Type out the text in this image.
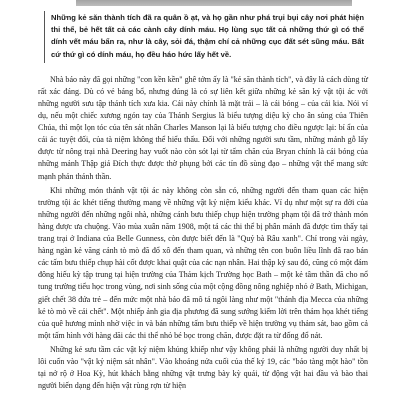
Những kẻ săn thành tích đã ra quân ồ ạt, và họ gần như phá trụi bụi cây nơi phát hiện thi thể, bẻ hết tất cả các cành cây dính máu. Họ lùng sục tất cả những thứ gì có thể dính vết máu bẩn ra, như là cây, sỏi đá, thậm chí cả những cục đất sét sũng máu. Bất cứ thứ gì có dính máu, họ đều háo hức lấy hết về.

Nhà báo này đã gọi những "con kền kền" ghê tởm ấy là "kẻ săn thành tích", và đây là cách dùng từ rất xác đáng. Dù có vẻ báng bổ, nhưng đúng là có sự liên kết giữa những kẻ săn kỷ vật tội ác với những người sưu tập thánh tích xưa kia. Cái này chính là mặt trái – là cái bóng – của cái kia. Nói ví dụ, nếu một chiếc xương ngón tay của Thánh Sergius là biểu tượng diệu kỳ cho ân sủng của Thiên Chúa, thì một lọn tóc của tên sát nhân Charles Manson lại là biểu tượng cho điều ngược lại: bí ẩn của cái ác tuyệt đối, của tà niệm không thể hiểu thấu. Đối với những người sưu tầm, những mảnh gỗ lấy được từ nông trại nhà Deering hay vuốt nào còn sót lại từ tấm chăn của Bryan chính là cái bóng của những mảnh Thập giá Đích thực được thờ phụng bởi các tín đồ sùng đạo – những vật thể mang sức mạnh phản thánh thần.

Khi những món thánh vật tội ác này không còn sẵn có, những người đến tham quan các hiện trường tội ác khét tiếng thường mang về những vật kỷ niệm kiểu khác. Ví dụ như một sự ra đời của những người đến những ngôi nhà, những cánh bưu thiếp chụp hiện trường phạm tội đã trở thành món hàng được ưa chuộng. Vào mùa xuân năm 1908, một tá các thi thể bị phân mảnh đã được tìm thấy tại trang trại ở Indiana của Belle Gunness, còn được biết đến là "Quỷ bà Râu xanh". Chỉ trong vài ngày, hàng ngàn kẻ vãng cảnh tò mò đã đổ xô đến tham quan, và những tên con buôn liều lĩnh đã rao bán các tấm bưu thiếp chụp hài cốt được khai quật của các nạn nhân. Hai thập kỷ sau đó, cũng có một đám đông hiếu kỳ tập trung tại hiện trường của Thảm kịch Trường học Bath – một kẻ tâm thần đã cho nổ tung trường tiểu học trong vùng, nơi sinh sống của một cộng đồng nông nghiệp nhỏ ở Bath, Michigan, giết chết 38 đứa trẻ – đến mức một nhà báo đã mô tả ngôi làng như một "thánh địa Mecca của những kẻ tò mò về cái chết". Một nhiếp ảnh gia địa phương đã sung sướng kiếm lời trên thảm họa khét tiếng của quê hương mình nhờ việc in và bán những tấm bưu thiếp về hiện trường vụ thảm sát, bao gồm cả một tấm hình với hàng dãi các thi thể nhỏ bé bọc trong chăn, được đặt ra từ đống đổ nát.

Những kẻ sưu tầm các vật kỷ niệm khủng khiếp như vậy không phải là những người duy nhất bị lôi cuốn vào "vật kỷ niệm sát nhân". Vào khoảng nửa cuối của thế kỷ 19, các "bảo tàng một hào" tồn tại nở rộ ở Hoa Kỳ, hút khách bằng những vật trưng bày kỳ quái, từ động vật hai đầu và bào thai người biến dạng đến hiện vật rùng rợn từ hiện
